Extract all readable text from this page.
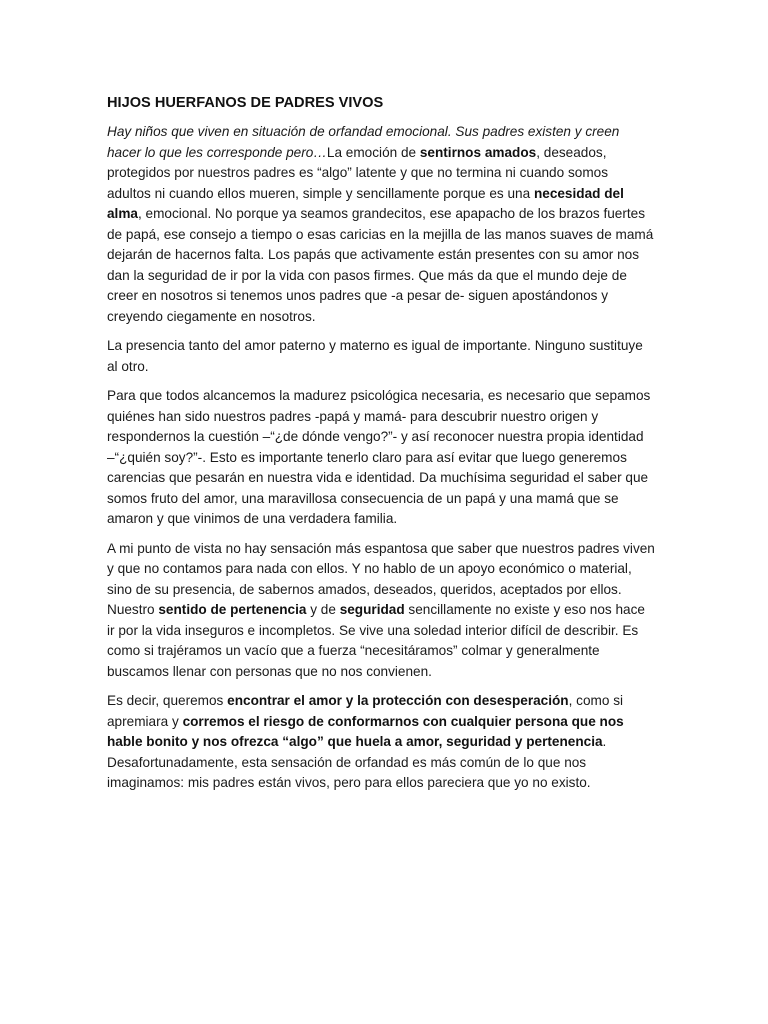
HIJOS HUERFANOS DE PADRES VIVOS

Hay niños que viven en situación de orfandad emocional. Sus padres existen y creen hacer lo que les corresponde pero…La emoción de sentirnos amados, deseados, protegidos por nuestros padres es “algo” latente y que no termina ni cuando somos adultos ni cuando ellos mueren, simple y sencillamente porque es una necesidad del alma, emocional. No porque ya seamos grandecitos, ese apapacho de los brazos fuertes de papá, ese consejo a tiempo o esas caricias en la mejilla de las manos suaves de mamá dejarán de hacernos falta. Los papás que activamente están presentes con su amor nos dan la seguridad de ir por la vida con pasos firmes. Que más da que el mundo deje de creer en nosotros si tenemos unos padres que -a pesar de- siguen apostándonos y creyendo ciegamente en nosotros.

La presencia tanto del amor paterno y materno es igual de importante. Ninguno sustituye al otro.

Para que todos alcancemos la madurez psicológica necesaria, es necesario que sepamos quiénes han sido nuestros padres -papá y mamá- para descubrir nuestro origen y respondernos la cuestión –“¿de dónde vengo?”- y así reconocer nuestra propia identidad –“¿quién soy?”-. Esto es importante tenerlo claro para así evitar que luego generemos carencias que pesarán en nuestra vida e identidad. Da muchísima seguridad el saber que somos fruto del amor, una maravillosa consecuencia de un papá y una mamá que se amaron y que vinimos de una verdadera familia.

A mi punto de vista no hay sensación más espantosa que saber que nuestros padres viven y que no contamos para nada con ellos. Y no hablo de un apoyo económico o material, sino de su presencia, de sabernos amados, deseados, queridos, aceptados por ellos. Nuestro sentido de pertenencia y de seguridad sencillamente no existe y eso nos hace ir por la vida inseguros e incompletos. Se vive una soledad interior difícil de describir. Es como si trajéramos un vacío que a fuerza “necesitáramos” colmar y generalmente buscamos llenar con personas que no nos convienen.

Es decir, queremos encontrar el amor y la protección con desesperación, como si apremiara y corremos el riesgo de conformarnos con cualquier persona que nos hable bonito y nos ofrezca “algo” que huela a amor, seguridad y pertenencia. Desafortunadamente, esta sensación de orfandad es más común de lo que nos imaginamos: mis padres están vivos, pero para ellos pareciera que yo no existo.
